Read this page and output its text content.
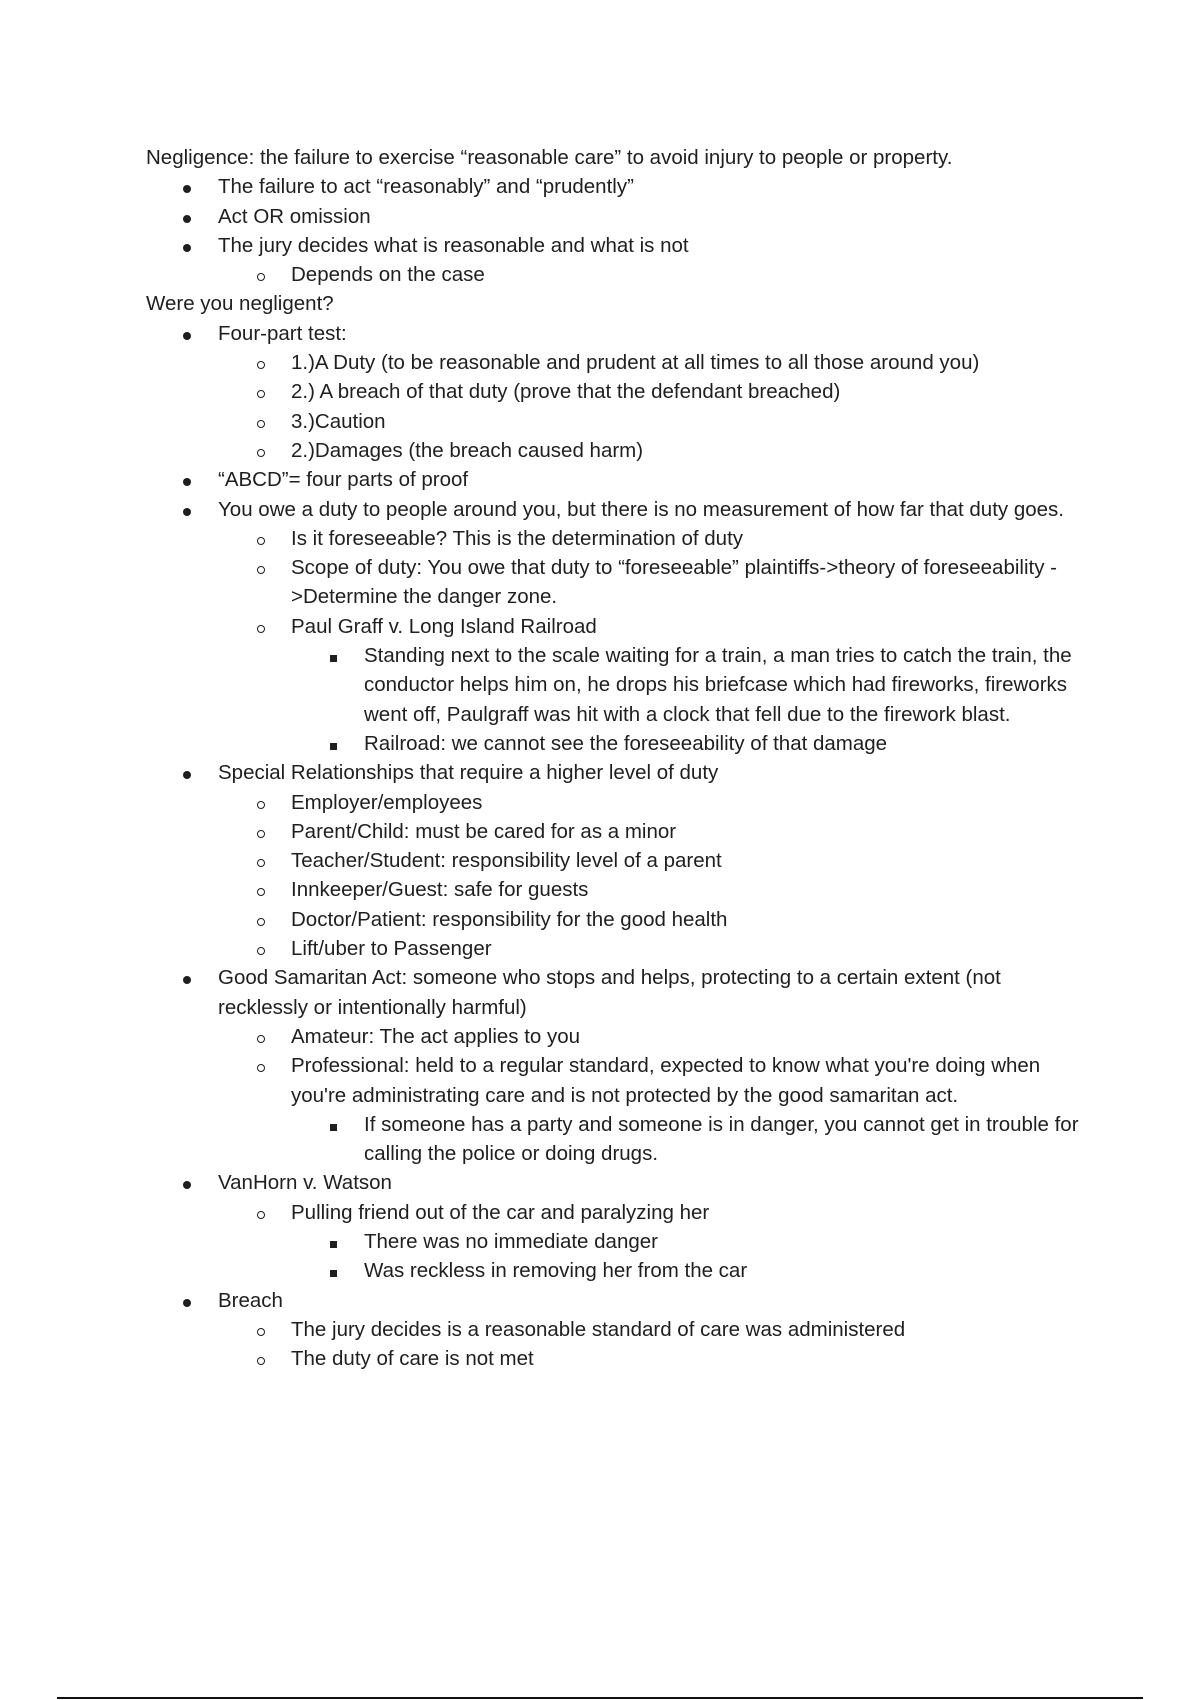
Negligence: the failure to exercise “reasonable care” to avoid injury to people or property.
The failure to act “reasonably” and “prudently”
Act OR omission
The jury decides what is reasonable and what is not
Depends on the case
Were you negligent?
Four-part test:
1.)A Duty (to be reasonable and prudent at all times to all those around you)
2.) A breach of that duty (prove that the defendant breached)
3.)Caution
2.)Damages (the breach caused harm)
“ABCD”= four parts of proof
You owe a duty to people around you, but there is no measurement of how far that duty goes.
Is it foreseeable? This is the determination of duty
Scope of duty: You owe that duty to “foreseeable” plaintiffs->theory of foreseeability ->Determine the danger zone.
Paul Graff v. Long Island Railroad
Standing next to the scale waiting for a train, a man tries to catch the train, the conductor helps him on, he drops his briefcase which had fireworks, fireworks went off, Paulgraff was hit with a clock that fell due to the firework blast.
Railroad: we cannot see the foreseeability of that damage
Special Relationships that require a higher level of duty
Employer/employees
Parent/Child: must be cared for as a minor
Teacher/Student: responsibility level of a parent
Innkeeper/Guest: safe for guests
Doctor/Patient: responsibility for the good health
Lift/uber to Passenger
Good Samaritan Act: someone who stops and helps, protecting to a certain extent (not recklessly or intentionally harmful)
Amateur: The act applies to you
Professional: held to a regular standard, expected to know what you're doing when you're administrating care and is not protected by the good samaritan act.
If someone has a party and someone is in danger, you cannot get in trouble for calling the police or doing drugs.
VanHorn v. Watson
Pulling friend out of the car and paralyzing her
There was no immediate danger
Was reckless in removing her from the car
Breach
The jury decides is a reasonable standard of care was administered
The duty of care is not met
